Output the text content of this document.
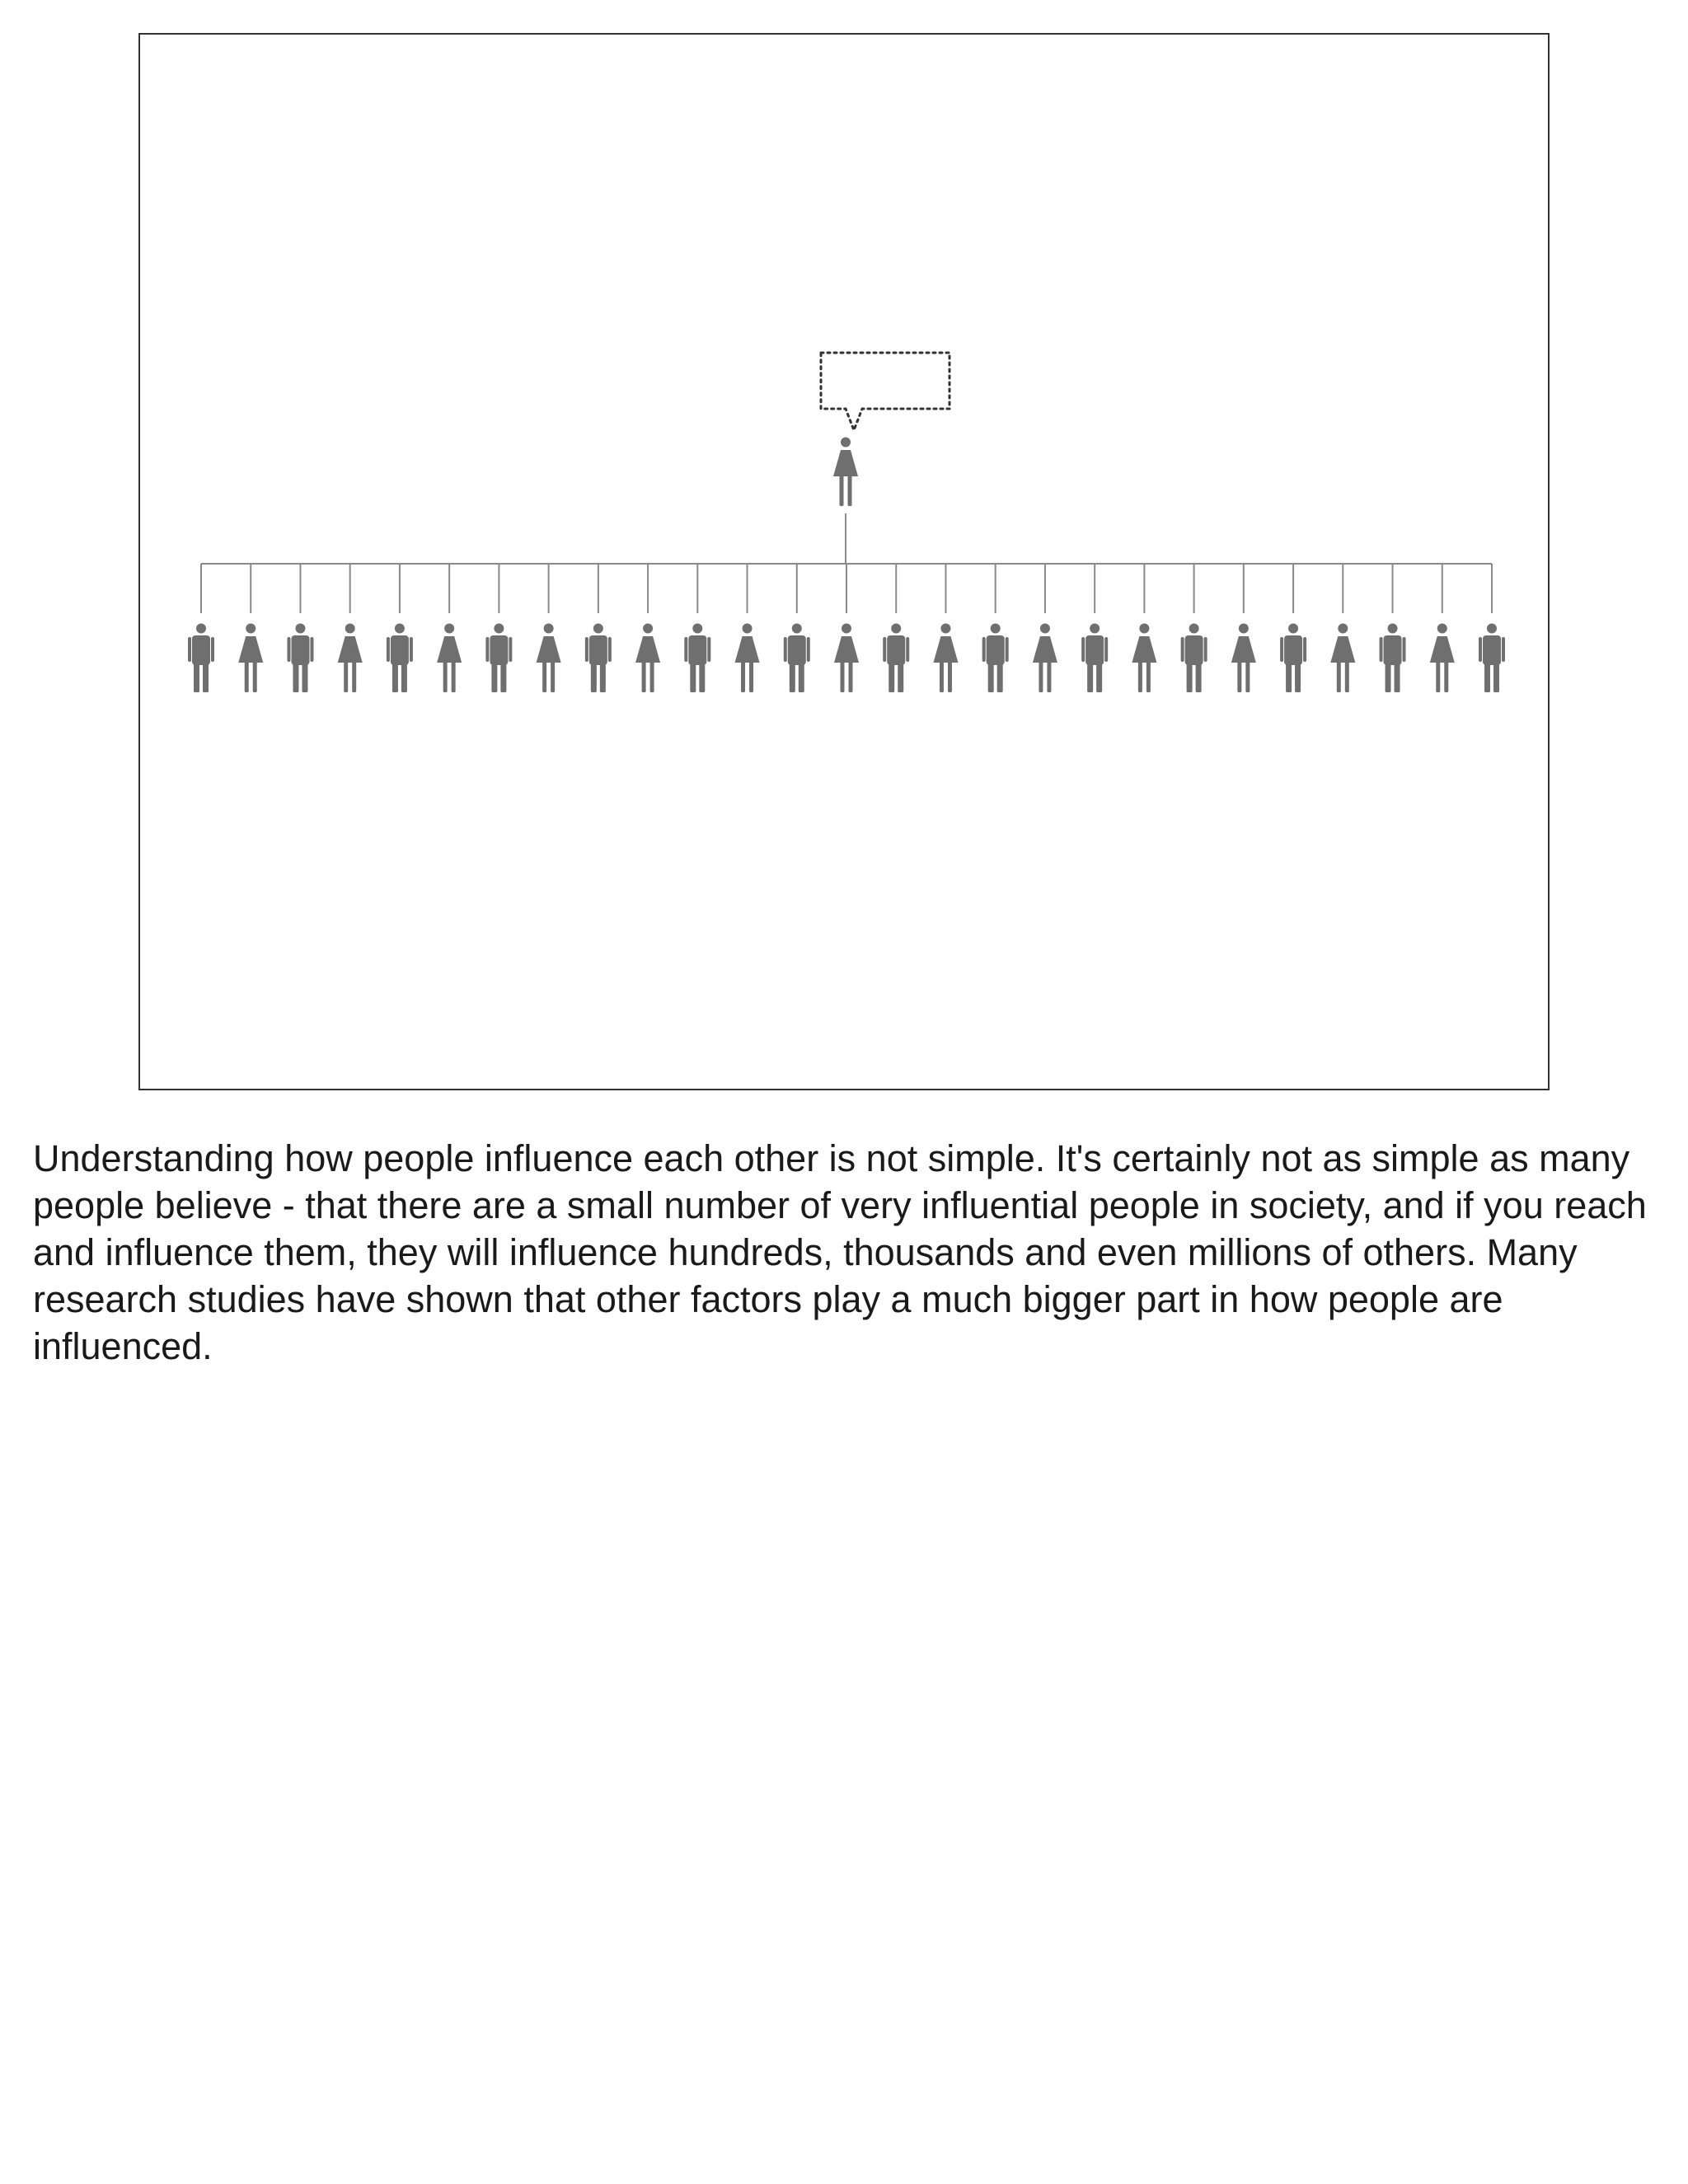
Understanding how people influence each other is not simple. It's certainly not as simple as many people believe - that there are a small number of very influential people in society, and if you reach and influence them, they will influence hundreds, thousands and even millions of others. Many research studies have shown that other factors play a much bigger part in how people are influenced.
